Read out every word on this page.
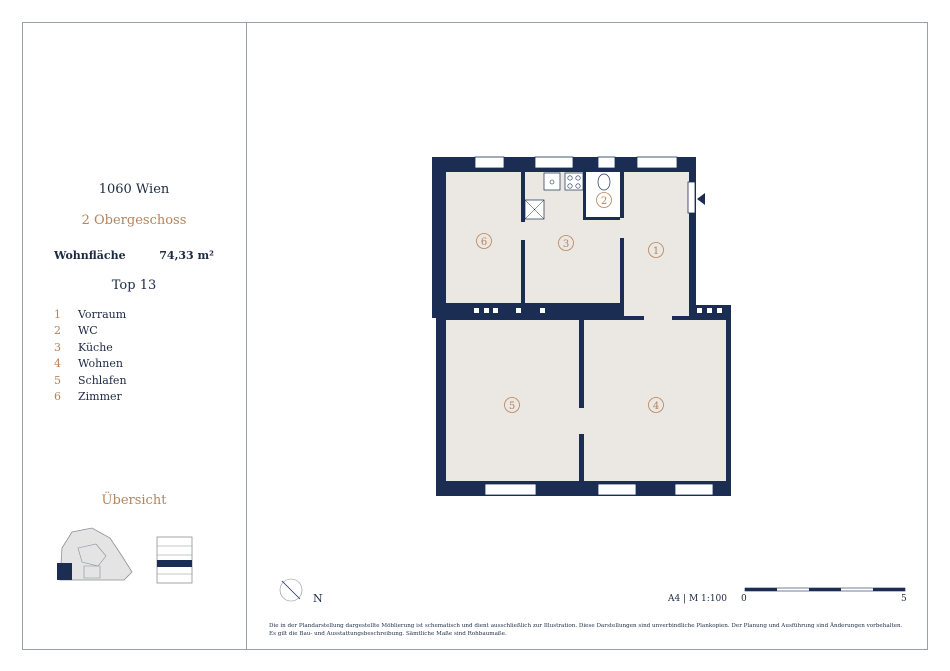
1060 Wien
2 Obergeschoss
Wohnfläche	74,33 m²
Top 13
1 Vorraum
2 WC
3 Küche
4 Wohnen
5 Schlafen
6 Zimmer
Übersicht
1
2
3
4
5
6
N	A4 | M 1:100 0	5
Die in der Plandarstellung dargestellte Möblierung ist schematisch und dient ausschließlich zur Illustration. Diese Darstellungen sind unverbindliche Plankopien. Der Planung und Ausführung sind Änderungen vorbehalten.
Es gilt die Bau- und Ausstattungsbeschreibung. Sämtliche Maße sind Rohbaumaße.
